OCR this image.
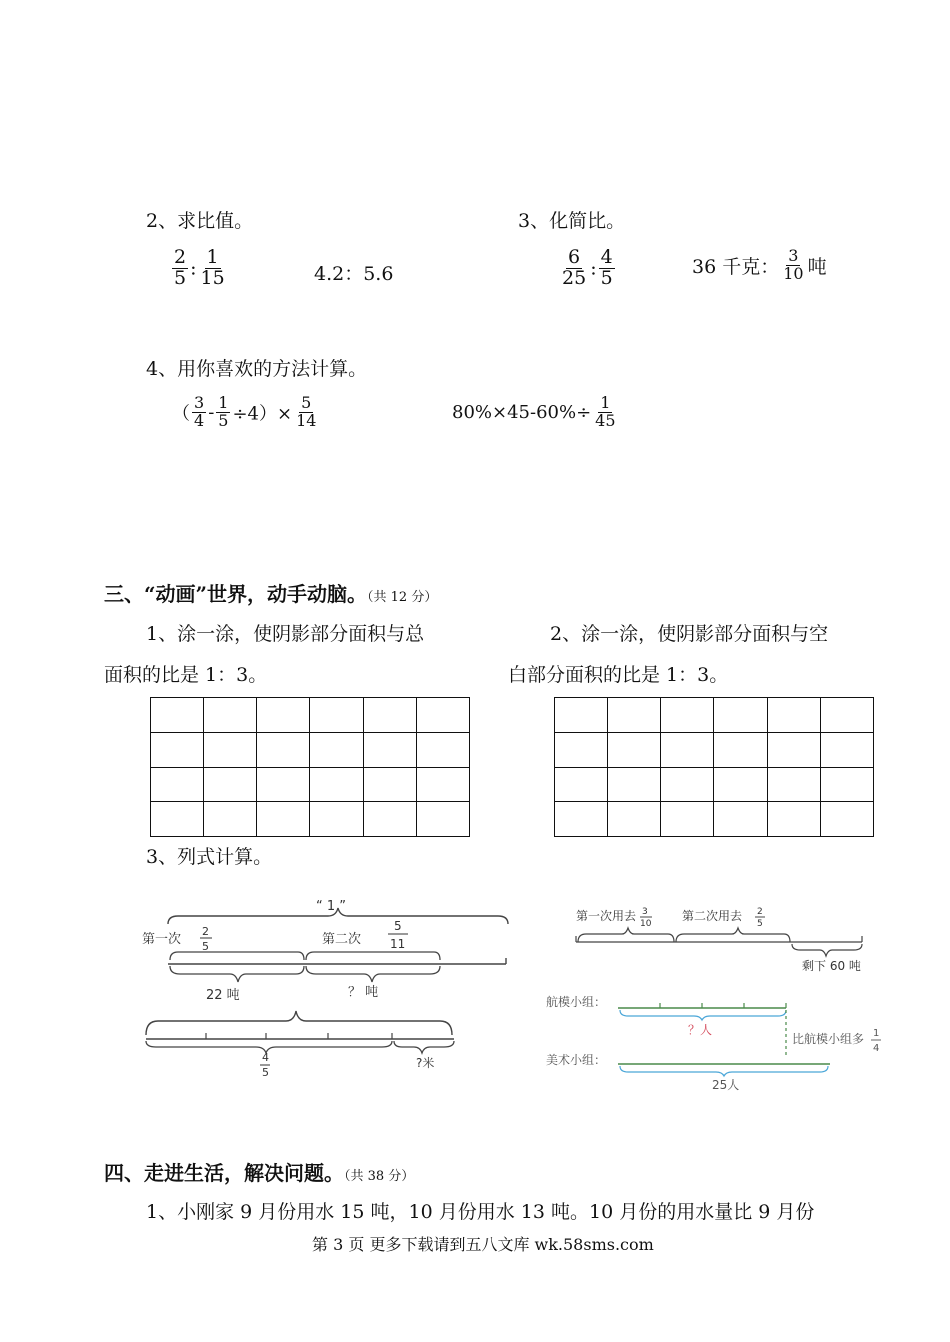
2、求比值。
$\frac{2}{5}$ : $\frac{1}{15}$	4.2：5.6
3、化简比。
$\frac{6}{25}$ : $\frac{4}{5}$	36 千克： $\frac{3}{10}$ 吨
4、用你喜欢的方法计算。
（ $\frac{3}{4} - \frac{1}{5} \div 4)\times \frac{5}{14}$	$80\%\times 45-60\%\div \frac{1}{45}$
三、“动画”世界，动手动脑。（共 12 分）
1、涂一涂，使阴影部分面积与总
面积的比是 1：3。
2、涂一涂，使阴影部分面积与空
白部分面积的比是 1：3。

3、列式计算。
“ 1 ”
第一次
2
5	第二次
5
11
22 吨	？ 吨
4
5
?米
第一次用去 3
10
第二次用去 2
5
剩下 60 吨
航模小组：
？人
比航模小组多 1
4
美术小组：
25人
四、走进生活，解决问题。（共 38 分）
1、小刚家 9 月份用水 15 吨，10 月份用水 13 吨。10 月份的用水量比 9 月份
第 3 页 更多下载请到五八文库 wk.58sms.com
